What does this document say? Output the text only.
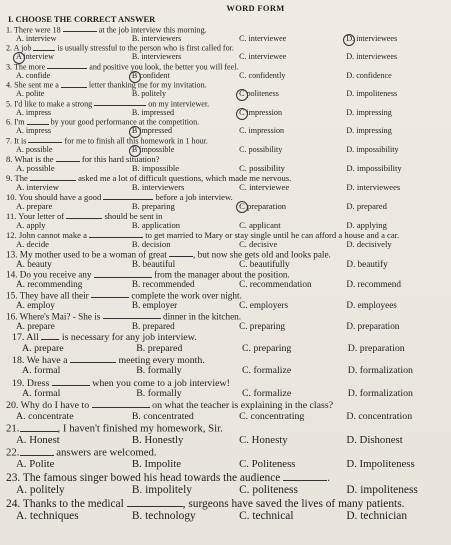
WORD FORM
I. CHOOSE THE CORRECT ANSWER
1. There were 18	at the job interview this morning.
A. interview	B. interviewers	C. interviewee	D. interviewees
2. A job	is usually stressful to the person who is first called for.
A interview	B. interviewers	C. interviewee	D. interviewees
3. The more	and positive you look, the better you will feel.
A. confide	B confident	C. confidently	D. confidence
4. She sent me a	letter thanking me for my invitation.
A. polite	B. politely	C politeness	D. impoliteness
5. I'd like to make a strong	on my interviewer.
A. impress	B. impressed	C impression	D. impressing
6. I'm	by your good performance at the competition.
A. impress	B impressed	C. impression	D. impressing
7. It is	for me to finish all this homework in 1 hour.
A. possible	B impossible	C. possibility	D. impossibility
8. What is the	for this hard situation?
A. possible	B. impossible	C. possibility	D. impossibility
9. The	asked me a lot of difficult questions, which made me nervous.
A. interview	B. interviewers	C. interviewee	D. interviewees
10. You should have a good	before a job interview.
A. prepare	B. preparing	C preparation	D. prepared
11. Your letter of	should be sent in
A. apply	B. application	C. applicant	D. applying
12. John cannot make a	to get married to Mary or stay single until he can afford a house and a car.
A. decide	B. decision	C. decisive	D. decisively
13. My mother used to be a woman of great	, but now she gets old and looks pale.
A. beauty	B. beautiful	C. beautifully	D. beautify
14. Do you receive any	from the manager about the position.
A. recommending	B. recommended	C. recommendation	D. recommend
15. They have all their	complete the work over night.
A. employ	B. employer	C. employers	D. employees
16. Where's Mai? - She is	dinner in the kitchen.
A. prepare	B. prepared	C. preparing	D. preparation
17. All  is necessary for any job interview.
A. prepare	B. prepared	C. preparing	D. preparation
18. We have a	meeting every month.
A. formal	B. formally	C. formalize	D. formalization
19. Dress	when you come to a job interview!
A. formal	B. formally	C. formalize	D. formalization
20. Why do I have to	on what the teacher is explaining in the class?
A. concentrate	B. concentrated	C. concentrating	D. concentration
21.	, I haven't finished my homework, Sir.
A. Honest	B. Honestly	C. Honesty	D. Dishonest
22.	answers are welcomed.
A. Polite	B. Impolite	C. Politeness	D. Impoliteness
23. The famous singer bowed his head towards the audience	.
A. politely	B. impolitely	C. politeness	D. impoliteness
24. Thanks to the medical	, surgeons have saved the lives of many patients.
A. techniques	B. technology	C. technical	D. technician
